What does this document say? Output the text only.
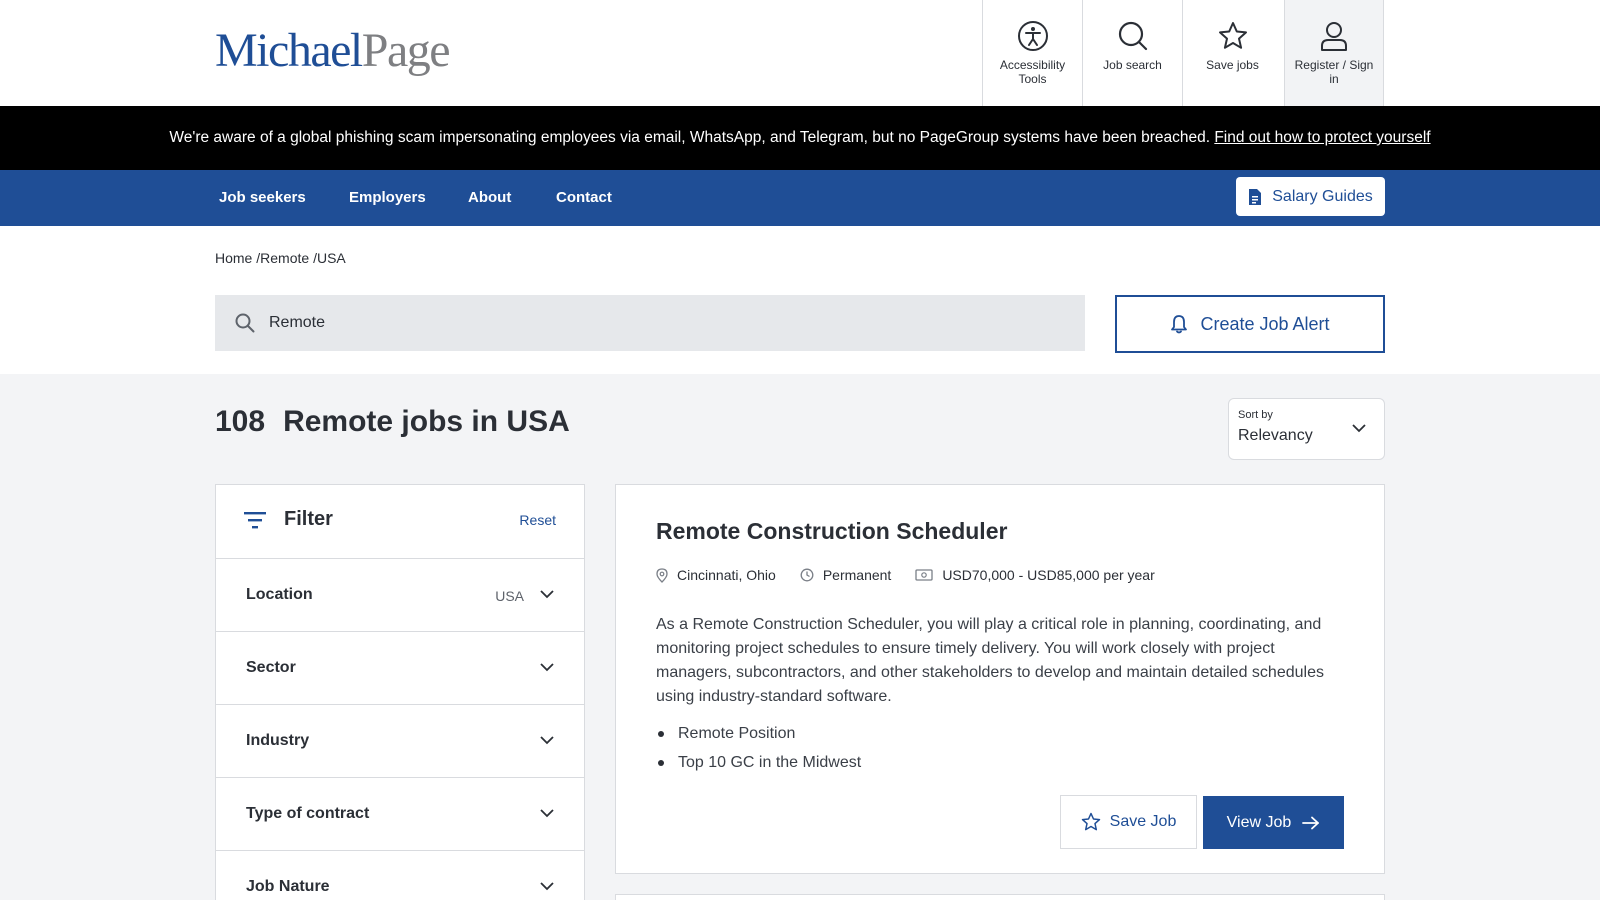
MichaelPage	Accessibility Tools
Job search	Save jobs	Register / Sign in
We're aware of a global phishing scam impersonating employees via email, WhatsApp, and Telegram, but no PageGroup systems have been breached. Find out how to protect yourself
Job seekers	Employers	About	Contact	Salary Guides
Home /Remote /USA
Remote
Create Job Alert
108 Remote jobs in USA	Sort by
Relevancy
Filter	Reset
Location	USA
Sector
Industry
Type of contract
Job Nature
Remote Construction Scheduler
Cincinnati, Ohio	Permanent	USD70,000 - USD85,000 per year

As a Remote Construction Scheduler, you will play a critical role in planning, coordinating, and monitoring project schedules to ensure timely delivery. You will work closely with project managers, subcontractors, and other stakeholders to develop and maintain detailed schedules using industry-standard software.

Remote Position
Top 10 GC in the Midwest
Save Job	View Job
